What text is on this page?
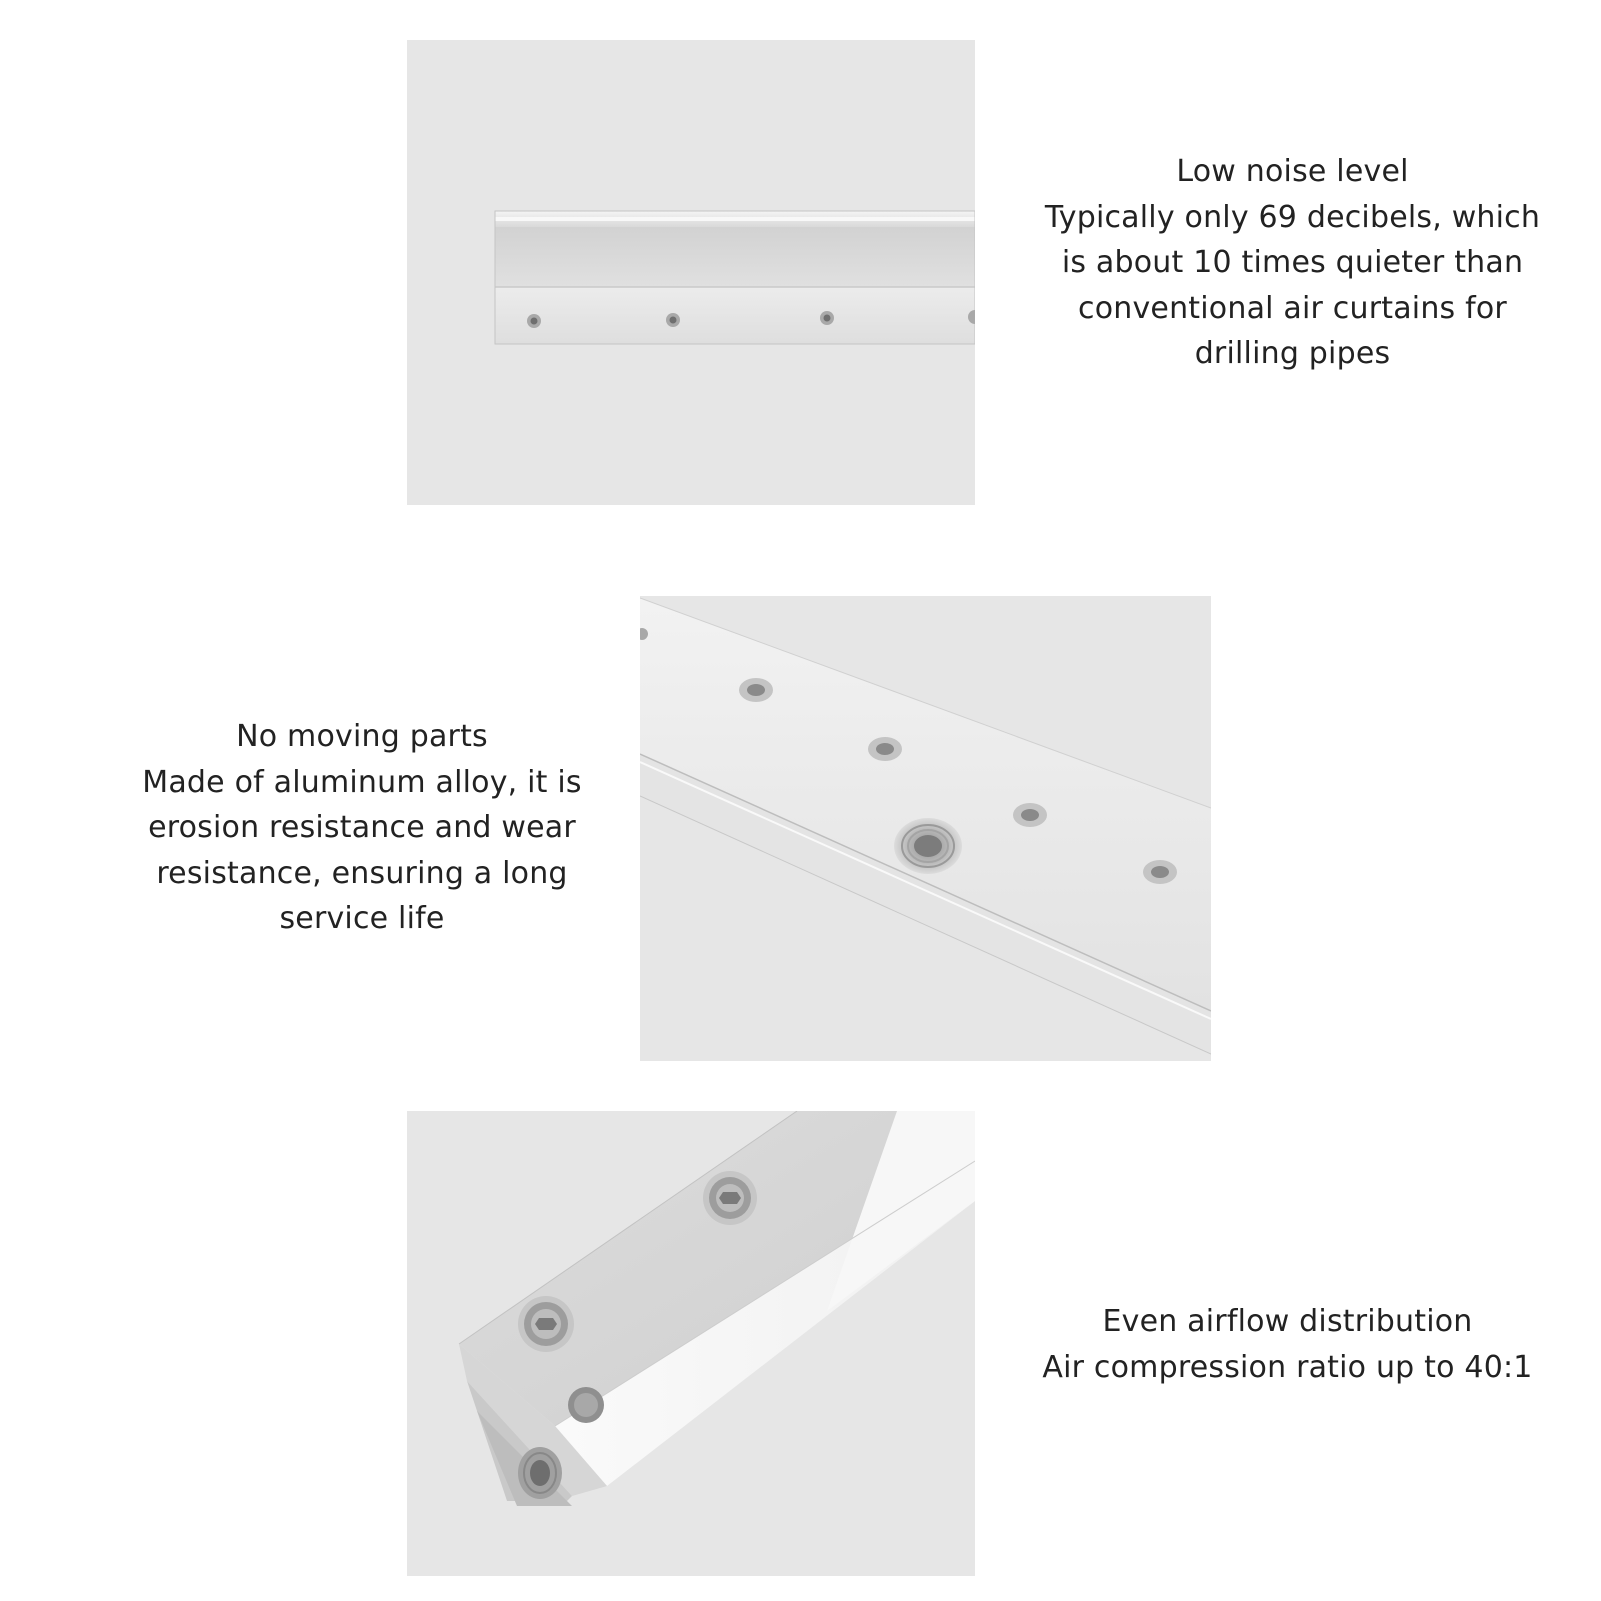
Low noise level
Typically only 69 decibels, which is about 10 times quieter than conventional air curtains for drilling pipes
No moving parts
Made of aluminum alloy, it is erosion resistance and wear resistance, ensuring a long service life
Even airflow distribution
Air compression ratio up to 40:1
